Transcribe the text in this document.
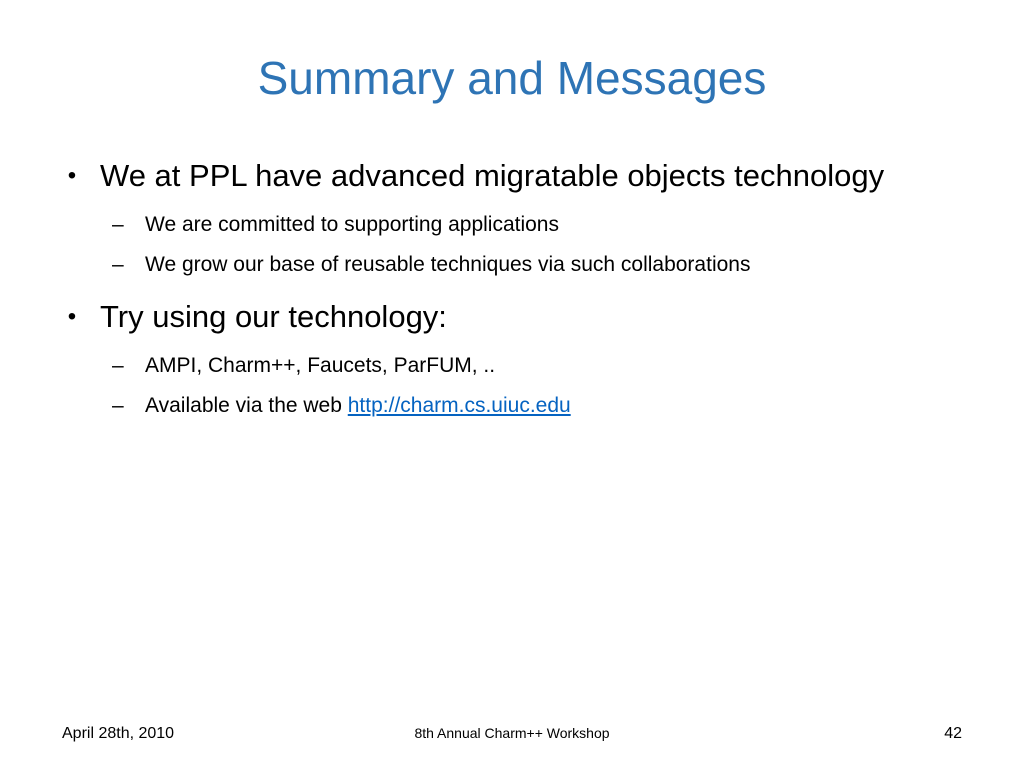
Summary and Messages
• We at PPL have advanced migratable objects technology
–	We are committed to supporting applications
–	We grow our base of reusable techniques via such collaborations
• Try using our technology:
–	AMPI, Charm++, Faucets, ParFUM, ..
–	Available via the web http://charm.cs.uiuc.edu
April 28th, 2010	8th Annual Charm++ Workshop	42
